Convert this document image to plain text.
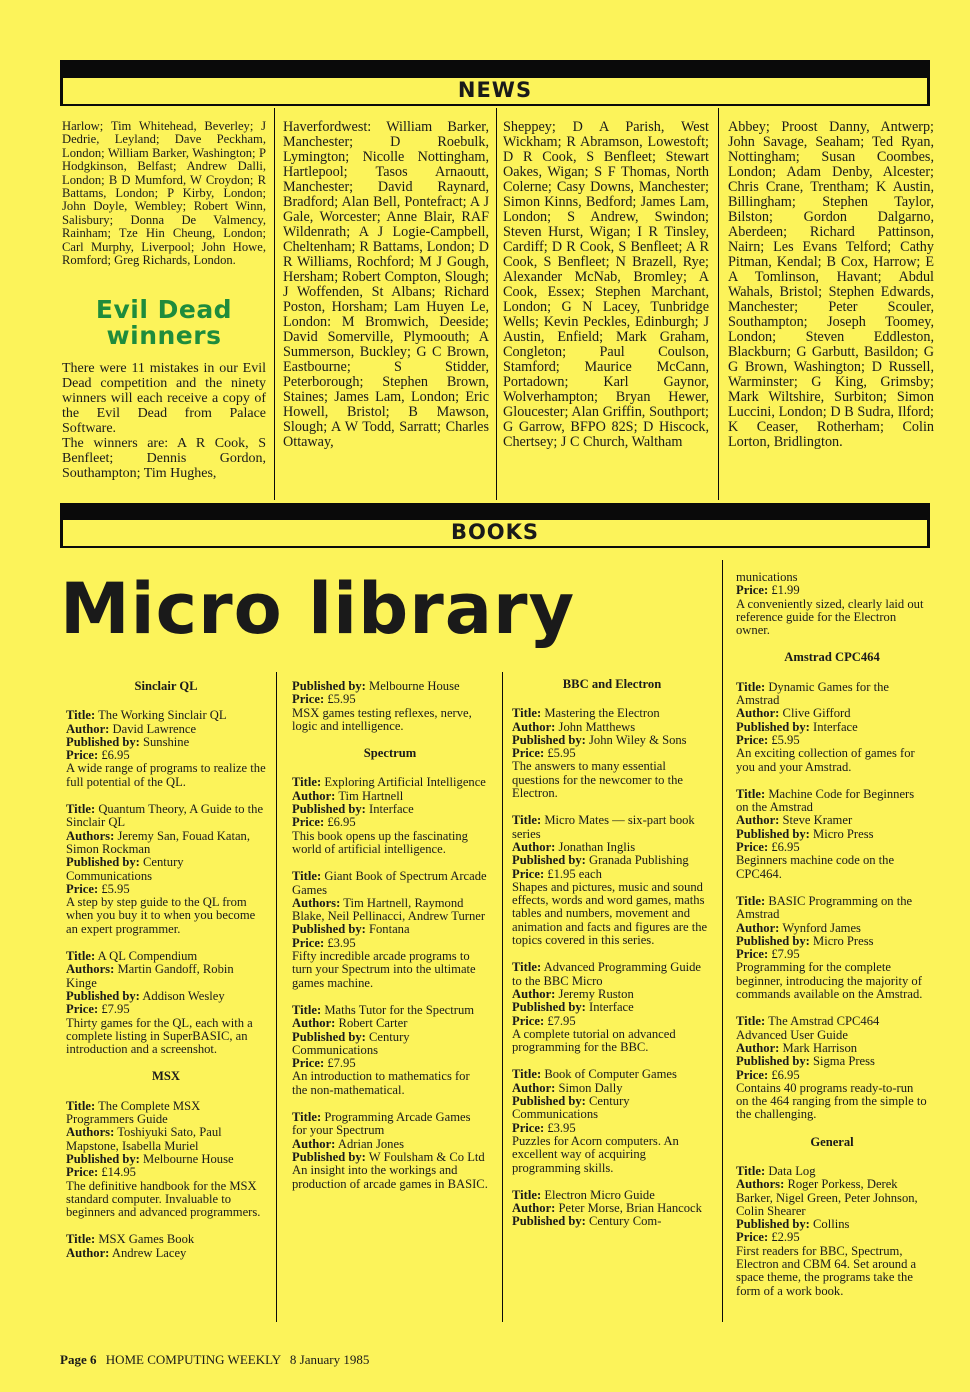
NEWS
Harlow; Tim Whitehead, Beverley; J Dedrie, Leyland; Dave Peckham, London; William Barker, Washington; P Hodgkinson, Belfast; Andrew Dalli, London; B D Mumford, W Croydon; R Battams, London; P Kirby, London; John Doyle, Wembley; Robert Winn, Salisbury; Donna De Valmency, Rainham; Tze Hin Cheung, London; Carl Murphy, Liverpool; John Howe, Romford; Greg Richards, London.
Evil Dead winners
There were 11 mistakes in our Evil Dead competition and the ninety winners will each receive a copy of the Evil Dead from Palace Software.
The winners are: A R Cook, S Benfleet; Dennis Gordon, Southampton; Tim Hughes,
Haverfordwest: William Barker, Manchester; D Roebulk, Lymington; Nicolle Nottingham, Hartlepool; Tasos Arnaoutt, Manchester; David Raynard, Bradford; Alan Bell, Pontefract; A J Gale, Worcester; Anne Blair, RAF Wildenrath; A J Logie-Campbell, Cheltenham; R Battams, London; D R Williams, Rochford; M J Gough, Hersham; Robert Compton, Slough; J Woffenden, St Albans; Richard Poston, Horsham; Lam Huyen Le, London: M Bromwich, Deeside; David Somerville, Plymoouth; A Summerson, Buckley; G C Brown, Eastbourne; S Stidder, Peterborough; Stephen Brown, Staines; James Lam, London; Eric Howell, Bristol; B Mawson, Slough; A W Todd, Sarratt; Charles Ottaway,
Sheppey; D A Parish, West Wickham; R Abramson, Lowestoft; D R Cook, S Benfleet; Stewart Oakes, Wigan; S F Thomas, North Colerne; Casy Downs, Manchester; Simon Kinns, Bedford; James Lam, London; S Andrew, Swindon; Steven Hurst, Wigan; I R Tinsley, Cardiff; D R Cook, S Benfleet; A R Cook, S Benfleet; N Brazell, Rye; Alexander McNab, Bromley; A Cook, Essex; Stephen Marchant, London; G N Lacey, Tunbridge Wells; Kevin Peckles, Edinburgh; J Austin, Enfield; Mark Graham, Congleton; Paul Coulson, Stamford; Maurice McCann, Portadown; Karl Gaynor, Wolverhampton; Bryan Hewer, Gloucester; Alan Griffin, Southport; G Garrow, BFPO 82S; D Hiscock, Chertsey; J C Church, Waltham
Abbey; Proost Danny, Antwerp; John Savage, Seaham; Ted Ryan, Nottingham; Susan Coombes, London; Adam Denby, Alcester; Chris Crane, Trentham; K Austin, Billingham; Stephen Taylor, Bilston; Gordon Dalgarno, Aberdeen; Richard Pattinson, Nairn; Les Evans Telford; Cathy Pitman, Kendal; B Cox, Harrow; E A Tomlinson, Havant; Abdul Wahals, Bristol; Stephen Edwards, Manchester; Peter Scouler, Southampton; Joseph Toomey, London; Steven Eddleston, Blackburn; G Garbutt, Basildon; G G Brown, Washington; D Russell, Warminster; G King, Grimsby; Mark Wiltshire, Surbiton; Simon Luccini, London; D B Sudra, Ilford; K Ceaser, Rotherham; Colin Lorton, Bridlington.
BOOKS
Micro library
Sinclair QL

Title: The Working Sinclair QL
Author: David Lawrence
Published by: Sunshine
Price: £6.95
A wide range of programs to realize the full potential of the QL.

Title: Quantum Theory, A Guide to the Sinclair QL
Authors: Jeremy San, Fouad Katan, Simon Rockman
Published by: Century Communications
Price: £5.95
A step by step guide to the QL from when you buy it to when you become an expert programmer.

Title: A QL Compendium
Authors: Martin Gandoff, Robin Kinge
Published by: Addison Wesley
Price: £7.95
Thirty games for the QL, each with a complete listing in SuperBASIC, an introduction and a screenshot.

MSX

Title: The Complete MSX Programmers Guide
Authors: Toshiyuki Sato, Paul Mapstone, Isabella Muriel
Published by: Melbourne House
Price: £14.95
The definitive handbook for the MSX standard computer. Invaluable to beginners and advanced programmers.

Title: MSX Games Book
Author: Andrew Lacey

Published by: Melbourne House
Price: £5.95
MSX games testing reflexes, nerve, logic and intelligence.

Spectrum

Title: Exploring Artificial Intelligence
Author: Tim Hartnell
Published by: Interface
Price: £6.95
This book opens up the fascinating world of artificial intelligence.

Title: Giant Book of Spectrum Arcade Games
Authors: Tim Hartnell, Raymond Blake, Neil Pellinacci, Andrew Turner
Published by: Fontana
Price: £3.95
Fifty incredible arcade programs to turn your Spectrum into the ultimate games machine.

Title: Maths Tutor for the Spectrum
Author: Robert Carter
Published by: Century Communications
Price: £7.95
An introduction to mathematics for the non-mathematical.

Title: Programming Arcade Games for your Spectrum
Author: Adrian Jones
Published by: W Foulsham & Co Ltd
An insight into the workings and production of arcade games in BASIC.

BBC and Electron

Title: Mastering the Electron
Author: John Matthews
Published by: John Wiley & Sons
Price: £5.95
The answers to many essential questions for the newcomer to the Electron.

Title: Micro Mates — six-part book series
Author: Jonathan Inglis
Published by: Granada Publishing
Price: £1.95 each
Shapes and pictures, music and sound effects, words and word games, maths tables and numbers, movement and animation and facts and figures are the topics covered in this series.

Title: Advanced Programming Guide to the BBC Micro
Author: Jeremy Ruston
Published by: Interface
Price: £7.95
A complete tutorial on advanced programming for the BBC.

Title: Book of Computer Games
Author: Simon Dally
Published by: Century Communications
Price: £3.95
Puzzles for Acorn computers. An excellent way of acquiring programming skills.

Title: Electron Micro Guide
Author: Peter Morse, Brian Hancock
Published by: Century Com-

munications
Price: £1.99
A conveniently sized, clearly laid out reference guide for the Electron owner.

Amstrad CPC464

Title: Dynamic Games for the Amstrad
Author: Clive Gifford
Published by: Interface
Price: £5.95
An exciting collection of games for you and your Amstrad.

Title: Machine Code for Beginners on the Amstrad
Author: Steve Kramer
Published by: Micro Press
Price: £6.95
Beginners machine code on the CPC464.

Title: BASIC Programming on the Amstrad
Author: Wynford James
Published by: Micro Press
Price: £7.95
Programming for the complete beginner, introducing the majority of commands available on the Amstrad.

Title: The Amstrad CPC464 Advanced User Guide
Author: Mark Harrison
Published by: Sigma Press
Price: £6.95
Contains 40 programs ready-to-run on the 464 ranging from the simple to the challenging.

General

Title: Data Log
Authors: Roger Porkess, Derek Barker, Nigel Green, Peter Johnson, Colin Shearer
Published by: Collins
Price: £2.95
First readers for BBC, Spectrum, Electron and CBM 64. Set around a space theme, the programs take the form of a work book.

Page 6 HOME COMPUTING WEEKLY 8 January 1985
